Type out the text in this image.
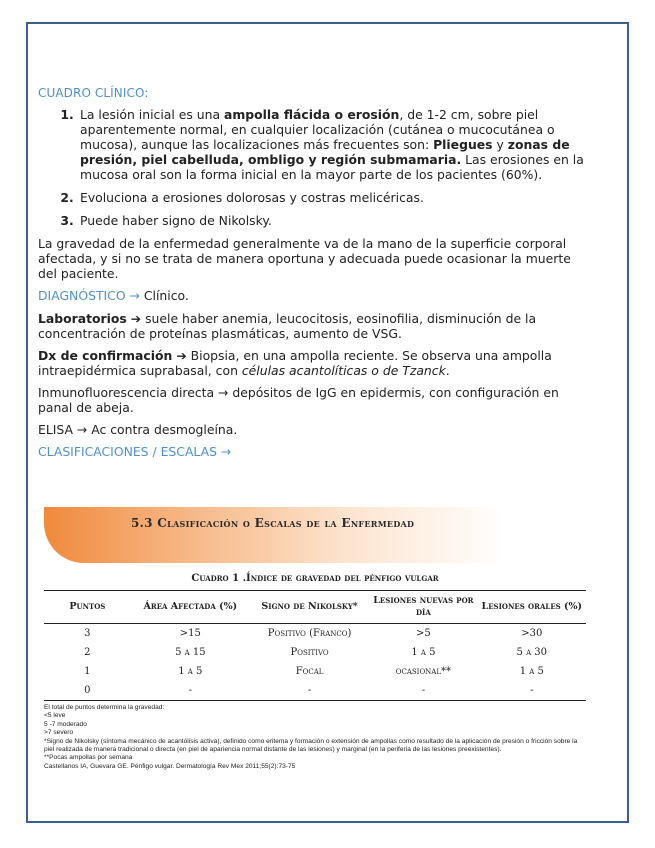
CUADRO CLÍNICO:
1. La lesión inicial es una ampolla flácida o erosión, de 1-2 cm, sobre piel aparentemente normal, en cualquier localización (cutánea o mucocutánea o mucosa), aunque las localizaciones más frecuentes son: Pliegues y zonas de presión, piel cabelluda, ombligo y región submamaria. Las erosiones en la mucosa oral son la forma inicial en la mayor parte de los pacientes (60%).
2. Evoluciona a erosiones dolorosas y costras melicéricas.
3. Puede haber signo de Nikolsky.

La gravedad de la enfermedad generalmente va de la mano de la superficie corporal afectada, y si no se trata de manera oportuna y adecuada puede ocasionar la muerte del paciente.

DIAGNÓSTICO → Clínico.

Laboratorios ➔ suele haber anemia, leucocitosis, eosinofilia, disminución de la concentración de proteínas plasmáticas, aumento de VSG.

Dx de confirmación ➔ Biopsia, en una ampolla reciente. Se observa una ampolla intraepidérmica suprabasal, con células acantolíticas o de Tzanck.

Inmunofluorescencia directa → depósitos de IgG en epidermis, con configuración en panal de abeja.

ELISA → Ac contra desmogleína.

CLASIFICACIONES / ESCALAS →

5.3 Clasificación o Escalas de la Enfermedad
Cuadro 1 .Índice de gravedad del pénfigo vulgar
Puntos	Área Afectada (%)	Signo de Nikolsky*	Lesiones nuevas por día	Lesiones orales (%)
3	>15	Positivo (Franco)	>5	>30
2	5 a 15	Positivo	1 a 5	5 a 30
1	1 a 5	Focal	ocasional**	1 a 5
0	-	-	-	-
El total de puntos determina la gravedad:
<5 leve
5 -7 moderado
>7 severo
*Signo de Nikolsky (síntoma mecánico de acantólisis activa), definido como eritema y formación o extensión de ampollas como resultado de la aplicación de presión o fricción sobre la piel realizada de manera tradicional o directa (en piel de apariencia normal distante de las lesiones) y marginal (en la periferia de las lesiones preexistentes).
**Pocas ampollas por semana
Castellanos IA, Guevara GE. Pénfigo vulgar. Dermatología Rev Mex 2011;55(2):73-75
